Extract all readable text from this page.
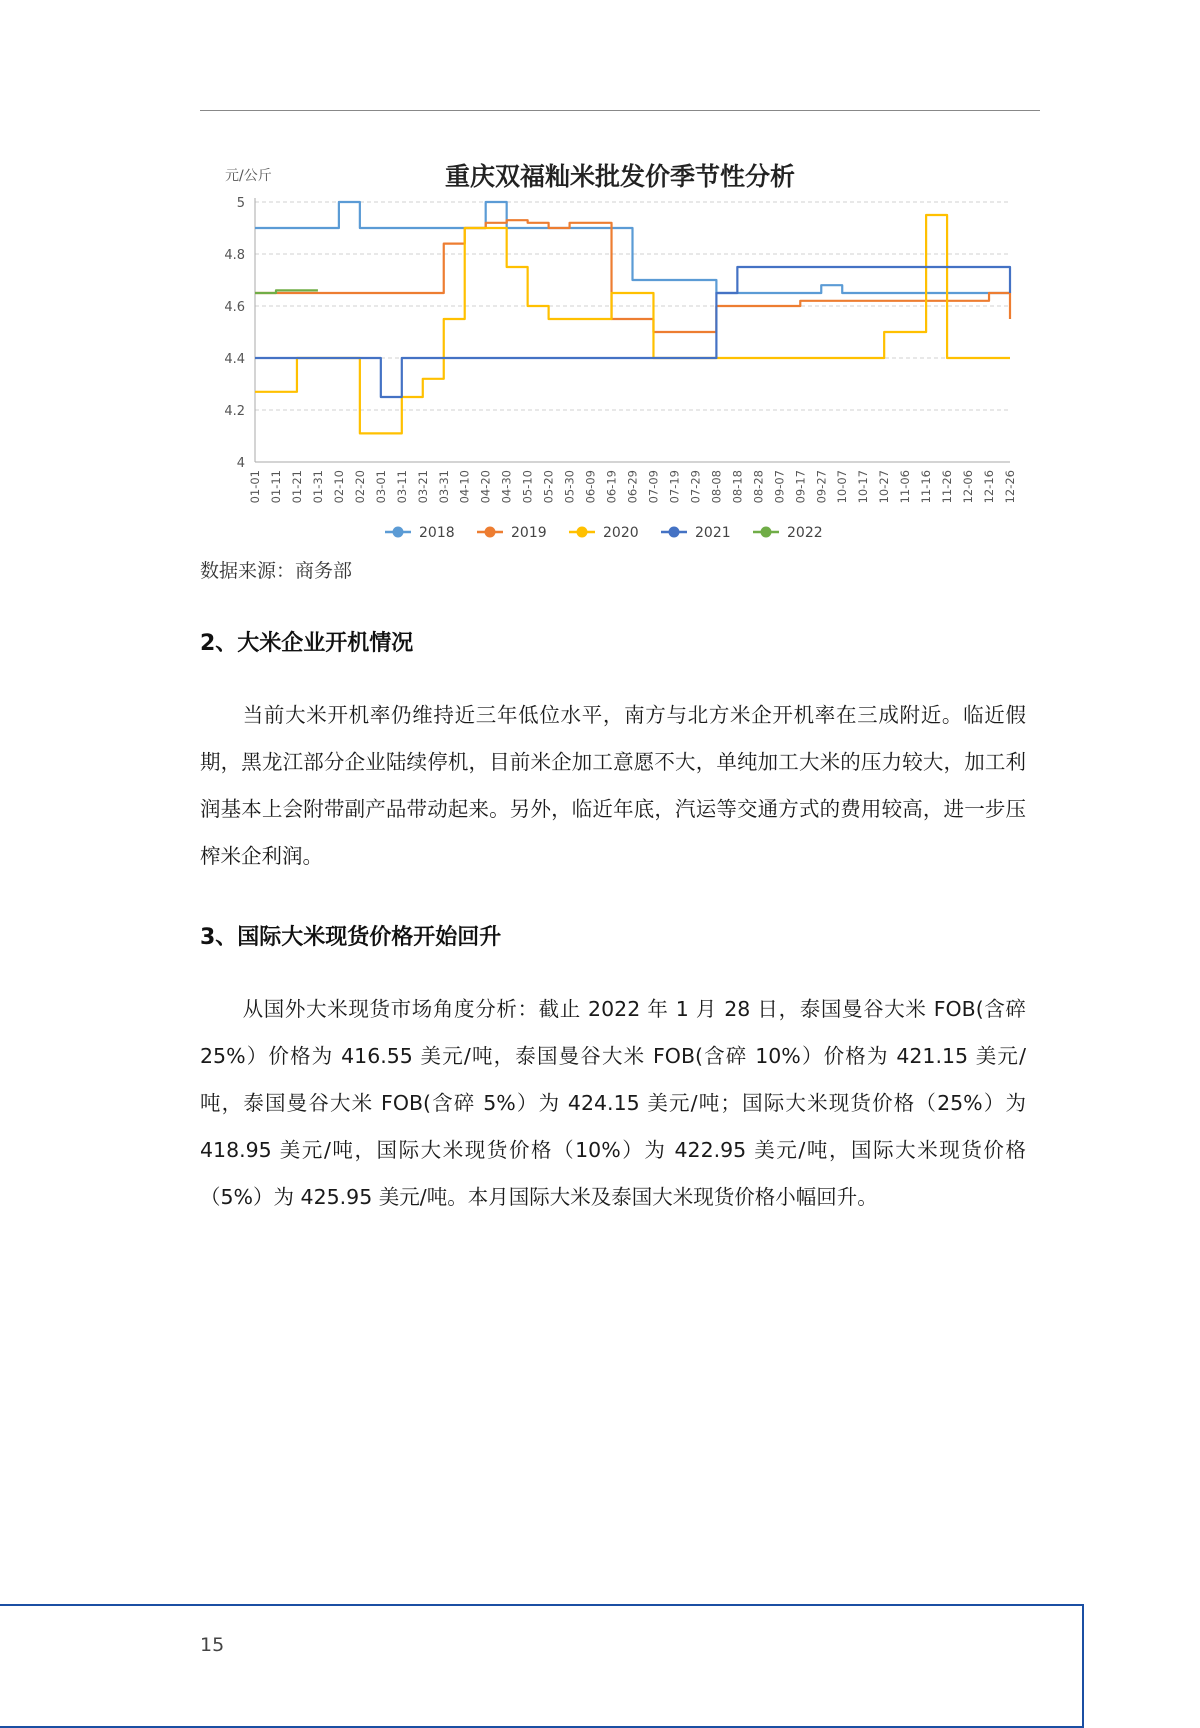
重庆双福籼米批发价季节性分析
元/公斤
4
4.2
4.4
4.6
4.8
5
01-01 01-11 01-21 01-31 02-10 02-20 03-01 03-11 03-21 03-31 04-10 04-20 04-30 05-10 05-20 05-30 06-09 06-19 06-29 07-09 07-19 07-29 08-08 08-18 08-28 09-07 09-17 09-27 10-07 10-17 10-27 11-06 11-16 11-26 12-06 12-16 12-26
2018	2019	2020	2021	2022
数据来源：商务部
2、大米企业开机情况
当前大米开机率仍维持近三年低位水平，南方与北方米企开机率在三成附近。临近假期，黑龙江部分企业陆续停机，目前米企加工意愿不大，单纯加工大米的压力较大，加工利润基本上会附带副产品带动起来。另外，临近年底，汽运等交通方式的费用较高，进一步压榨米企利润。
3、国际大米现货价格开始回升
从国外大米现货市场角度分析：截止 2022 年 1 月 28 日，泰国曼谷大米 FOB(含碎 25%）价格为 416.55 美元/吨，泰国曼谷大米 FOB(含碎 10%）价格为 421.15 美元/吨，泰国曼谷大米 FOB(含碎 5%）为 424.15 美元/吨；国际大米现货价格（25%）为 418.95 美元/吨，国际大米现货价格（10%）为 422.95 美元/吨，国际大米现货价格（5%）为 425.95 美元/吨。本月国际大米及泰国大米现货价格小幅回升。
15
